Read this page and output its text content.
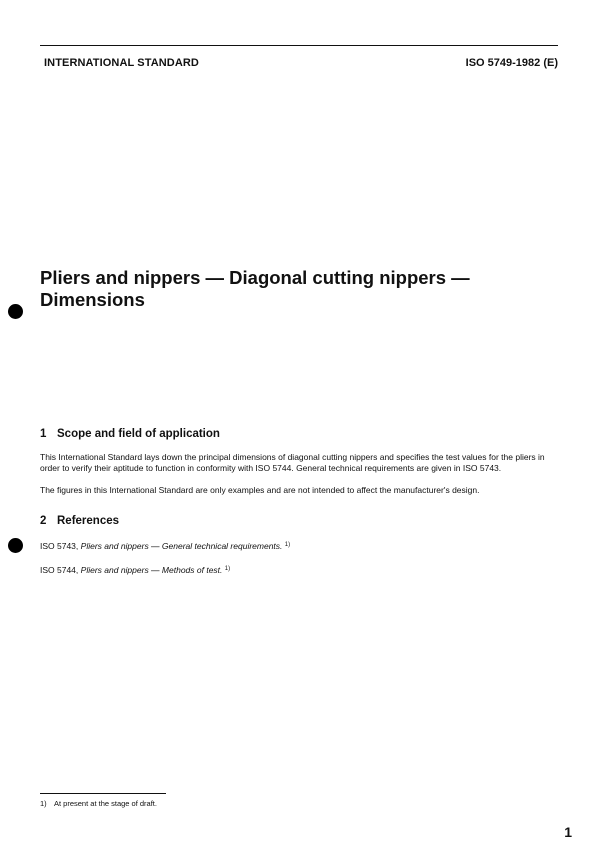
INTERNATIONAL STANDARD	ISO 5749-1982 (E)
Pliers and nippers — Diagonal cutting nippers —
Dimensions
1 Scope and field of application

This International Standard lays down the principal dimensions of diagonal cutting nippers and specifies the test values for the pliers in order to verify their aptitude to function in conformity with ISO 5744. General technical requirements are given in ISO 5743.

The figures in this International Standard are only examples and are not intended to affect the manufacturer's design.

2 References

ISO 5743, Pliers and nippers — General technical requirements. $^{1)}$

ISO 5744, Pliers and nippers — Methods of test. $^{1)}$

1) At present at the stage of draft.
1
